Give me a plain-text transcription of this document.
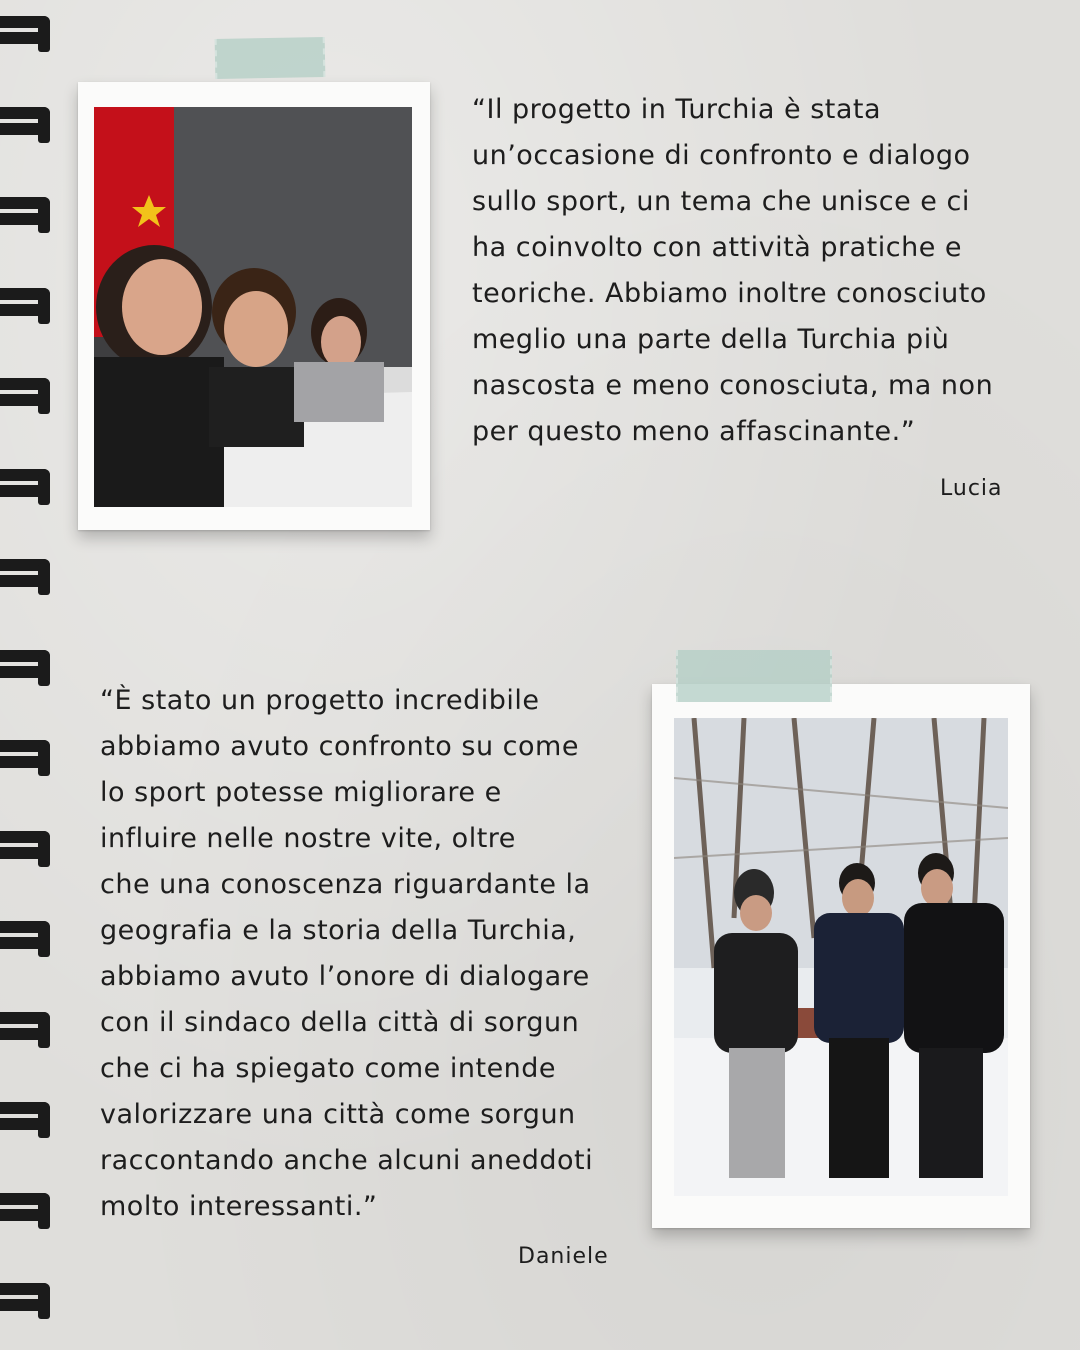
“Il progetto in Turchia è stata
un’occasione di confronto e dialogo
sullo sport, un tema che unisce e ci
ha coinvolto con attività pratiche e
teoriche. Abbiamo inoltre conosciuto
meglio una parte della Turchia più
nascosta e meno conosciuta, ma non
per questo meno affascinante.”
Lucia
“È stato un progetto incredibile
abbiamo avuto confronto su come
lo sport potesse migliorare e
influire nelle nostre vite, oltre
che una conoscenza riguardante la
geografia e la storia della Turchia,
abbiamo avuto l’onore di dialogare
con il sindaco della città di sorgun
che ci ha spiegato come intende
valorizzare una città come sorgun
raccontando anche alcuni aneddoti
molto interessanti.”
Daniele
